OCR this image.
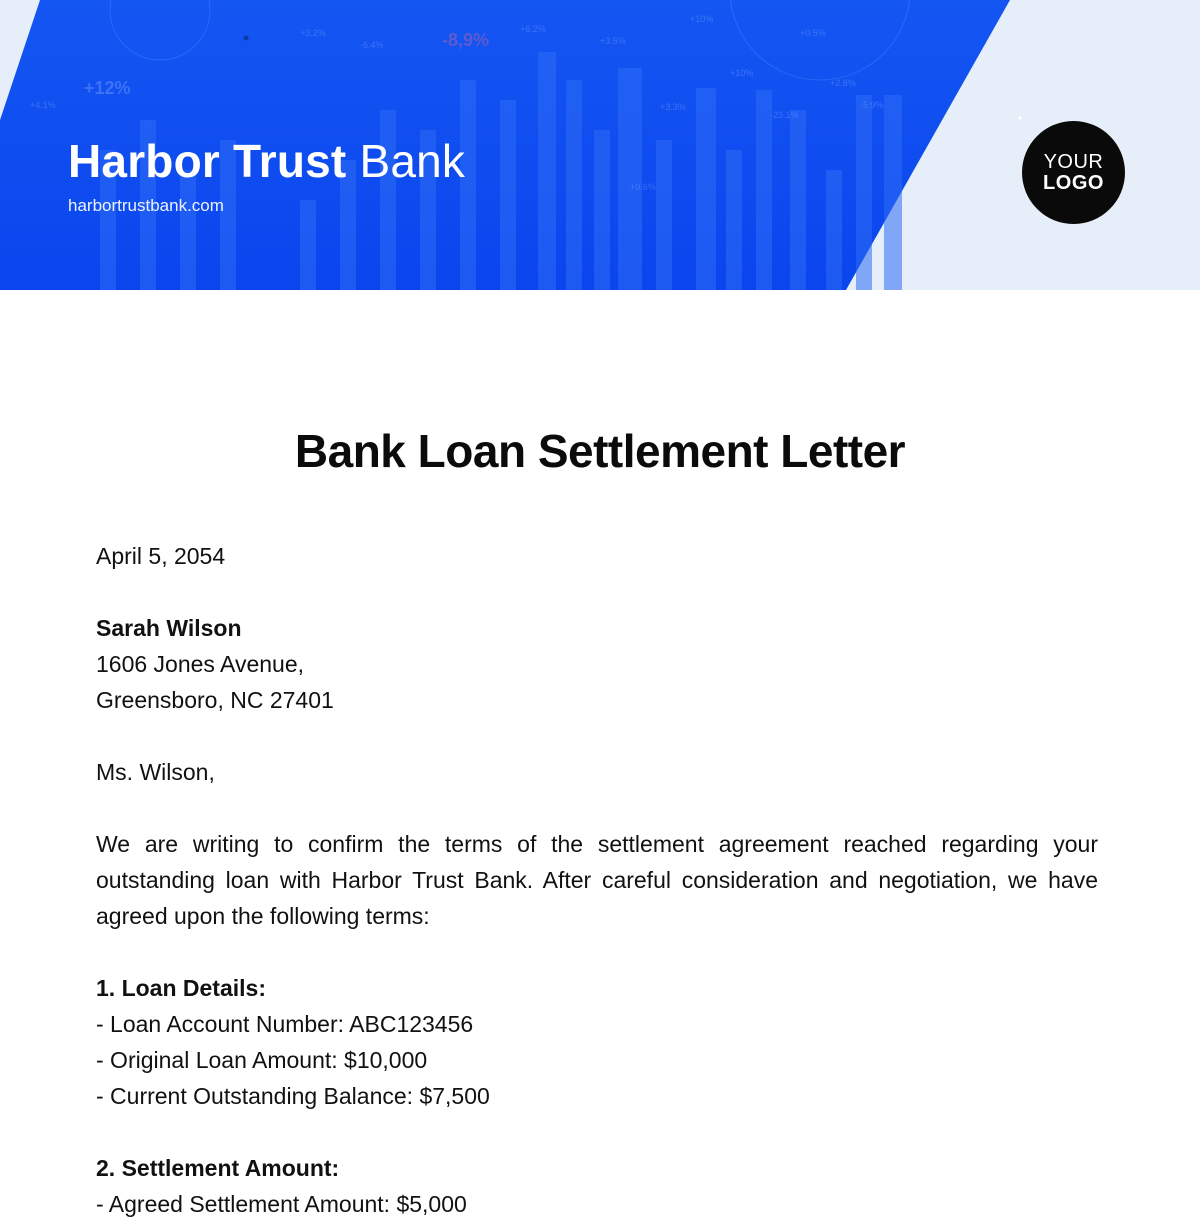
+12%
-8,9%
+4.1%
+3.2%
-6.4%
+6.2%
+3.5%
+10%
+10%
+0.5%
+2.8%
-5.9%
+3.3%
-23.1%
+0.6%
Harbor Trust Bank
harbortrustbank.com
YOUR
LOGO
Bank Loan Settlement Letter
April 5, 2054
Sarah Wilson
1606 Jones Avenue,
Greensboro, NC 27401
Ms. Wilson,
We are writing to confirm the terms of the settlement agreement reached regarding your outstanding loan with Harbor Trust Bank. After careful consideration and negotiation, we have agreed upon the following terms:
1. Loan Details:
- Loan Account Number: ABC123456
- Original Loan Amount: $10,000
- Current Outstanding Balance: $7,500
2. Settlement Amount:
- Agreed Settlement Amount: $5,000
